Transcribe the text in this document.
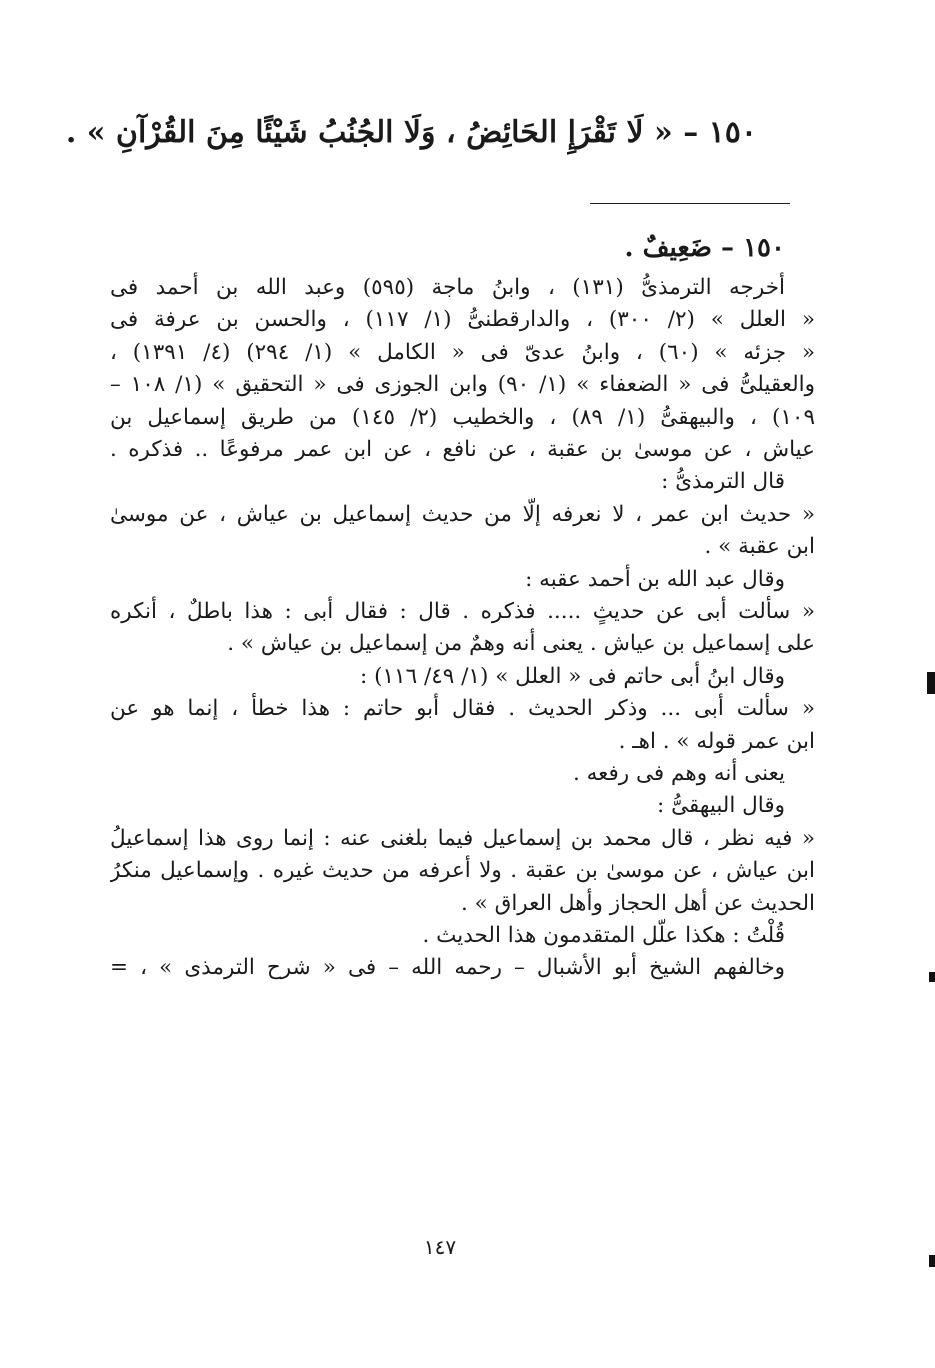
١٥٠ – « لَا تَقْرَإِ الحَائِضُ ، وَلَا الجُنُبُ شَيْئًا مِنَ القُرْآنِ » .
١٥٠ – ضَعِيفٌ .
أخرجه الترمذىُّ (١٣١) ، وابنُ ماجة (٥٩٥) وعبد الله بن أحمد فى
« العلل » (٢/ ٣٠٠) ، والدارقطنىُّ (١/ ١١٧) ، والحسن بن عرفة فى
« جزئه » (٦٠) ، وابنُ عدىّ فى « الكامل » (١/ ٢٩٤) (٤/ ١٣٩١) ،
والعقيلىُّ فى « الضعفاء » (١/ ٩٠) وابن الجوزى فى « التحقيق » (١/ ١٠٨ –
١٠٩) ، والبيهقىُّ (١/ ٨٩) ، والخطيب (٢/ ١٤٥) من طريق إسماعيل بن
عياش ، عن موسىٰ بن عقبة ، عن نافع ، عن ابن عمر مرفوعًا .. فذكره .
قال الترمذىُّ :
« حديث ابن عمر ، لا نعرفه إلَّا من حديث إسماعيل بن عياش ، عن موسىٰ
ابن عقبة » .
وقال عبد الله بن أحمد عقبه :
« سألت أبى عن حديثٍ ..... فذكره . قال : فقال أبى : هذا باطلٌ ، أنكره
على إسماعيل بن عياش . يعنى أنه وهمٌ من إسماعيل بن عياش » .
وقال ابنُ أبى حاتم فى « العلل » (١/ ٤٩/ ١١٦) :
« سألت أبى ... وذكر الحديث . فقال أبو حاتم : هذا خطأ ، إنما هو عن
ابن عمر قوله » . اهـ .
يعنى أنه وهم فى رفعه .
وقال البيهقىُّ :
« فيه نظر ، قال محمد بن إسماعيل فيما بلغنى عنه : إنما روى هذا إسماعيلُ
ابن عياش ، عن موسىٰ بن عقبة . ولا أعرفه من حديث غيره . وإسماعيل منكرُ
الحديث عن أهل الحجاز وأهل العراق » .
قُلْتُ : هكذا علَّل المتقدمون هذا الحديث .
وخالفهم الشيخ أبو الأشبال – رحمه الله – فى « شرح الترمذى » ، =
١٤٧
